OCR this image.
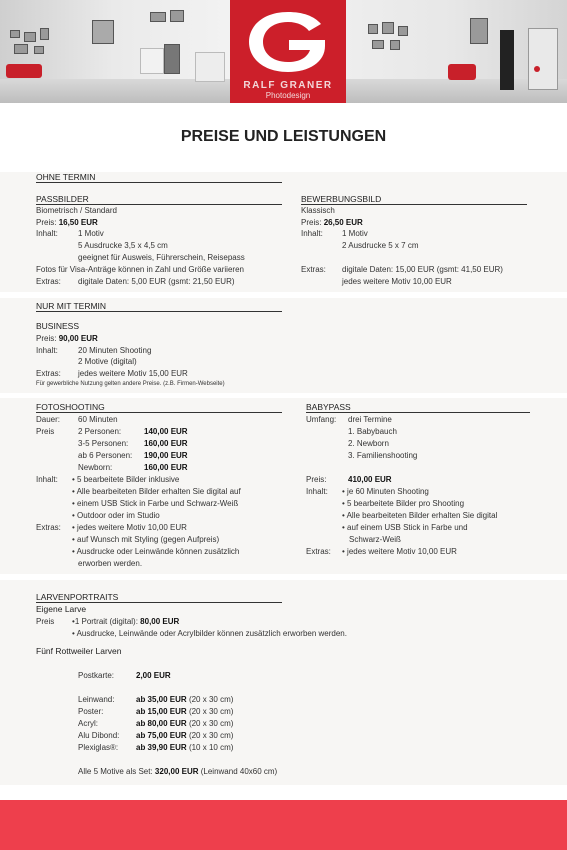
RALF GRANER
Photodesign
PREISE UND LEISTUNGEN
OHNE TERMIN
PASSBILDER
Biometrisch / Standard
Preis: 16,50 EUR
Inhalt:	1 Motiv
5 Ausdrucke 3,5 x 4,5 cm
geeignet für Ausweis, Führerschein, Reisepass
Fotos für Visa-Anträge können in Zahl und Größe variieren
Extras: digitale Daten: 5,00 EUR (gsmt: 21,50 EUR)
BEWERBUNGSBILD
Klassisch
Preis: 26,50 EUR
Inhalt: 1 Motiv
2 Ausdrucke 5 x 7 cm
Extras: digitale Daten: 15,00 EUR (gsmt: 41,50 EUR)
jedes weitere Motiv 10,00 EUR
NUR MIT TERMIN
BUSINESS
Preis: 90,00 EUR
Inhalt:	20 Minuten Shooting
2 Motive (digital)
Extras: jedes weitere Motiv 15,00 EUR
Für gewerbliche Nutzung gelten andere Preise. (z.B. Firmen-Webseite)
FOTOSHOOTING
Dauer: 60 Minuten
Preis	2 Personen:	140,00 EUR
3-5 Personen: 160,00 EUR
ab 6 Personen: 190,00 EUR
Newborn:	160,00 EUR
Inhalt: • 5 bearbeitete Bilder inklusive
• Alle bearbeiteten Bilder erhalten Sie digital auf
• einem USB Stick in Farbe und Schwarz-Weiß
• Outdoor oder im Studio
Extras: • jedes weitere Motiv 10,00 EUR
• auf Wunsch mit Styling (gegen Aufpreis)
• Ausdrucke oder Leinwände können zusätzlich
erworben werden.
BABYPASS
Umfang: drei Termine
1. Babybauch
2. Newborn
3. Familienshooting
Preis:	410,00 EUR
Inhalt: • je 60 Minuten Shooting
• 5 bearbeitete Bilder pro Shooting
• Alle bearbeiteten Bilder erhalten Sie digital
• auf einem USB Stick in Farbe und
Schwarz-Weiß
Extras: • jedes weitere Motiv 10,00 EUR
LARVENPORTRAITS
Eigene Larve
Preis •1 Portrait (digital): 80,00 EUR
• Ausdrucke, Leinwände oder Acrylbilder können zusätzlich erworben werden.
Fünf Rottweiler Larven
Postkarte:	2,00 EUR
Leinwand:	ab 35,00 EUR (20 x 30 cm)
Poster:	ab 15,00 EUR (20 x 30 cm)
Acryl:	ab 80,00 EUR (20 x 30 cm)
Alu Dibond: ab 75,00 EUR (20 x 30 cm)
Plexiglas®: ab 39,90 EUR (10 x 10 cm)
Alle 5 Motive als Set: 320,00 EUR (Leinwand 40x60 cm)
